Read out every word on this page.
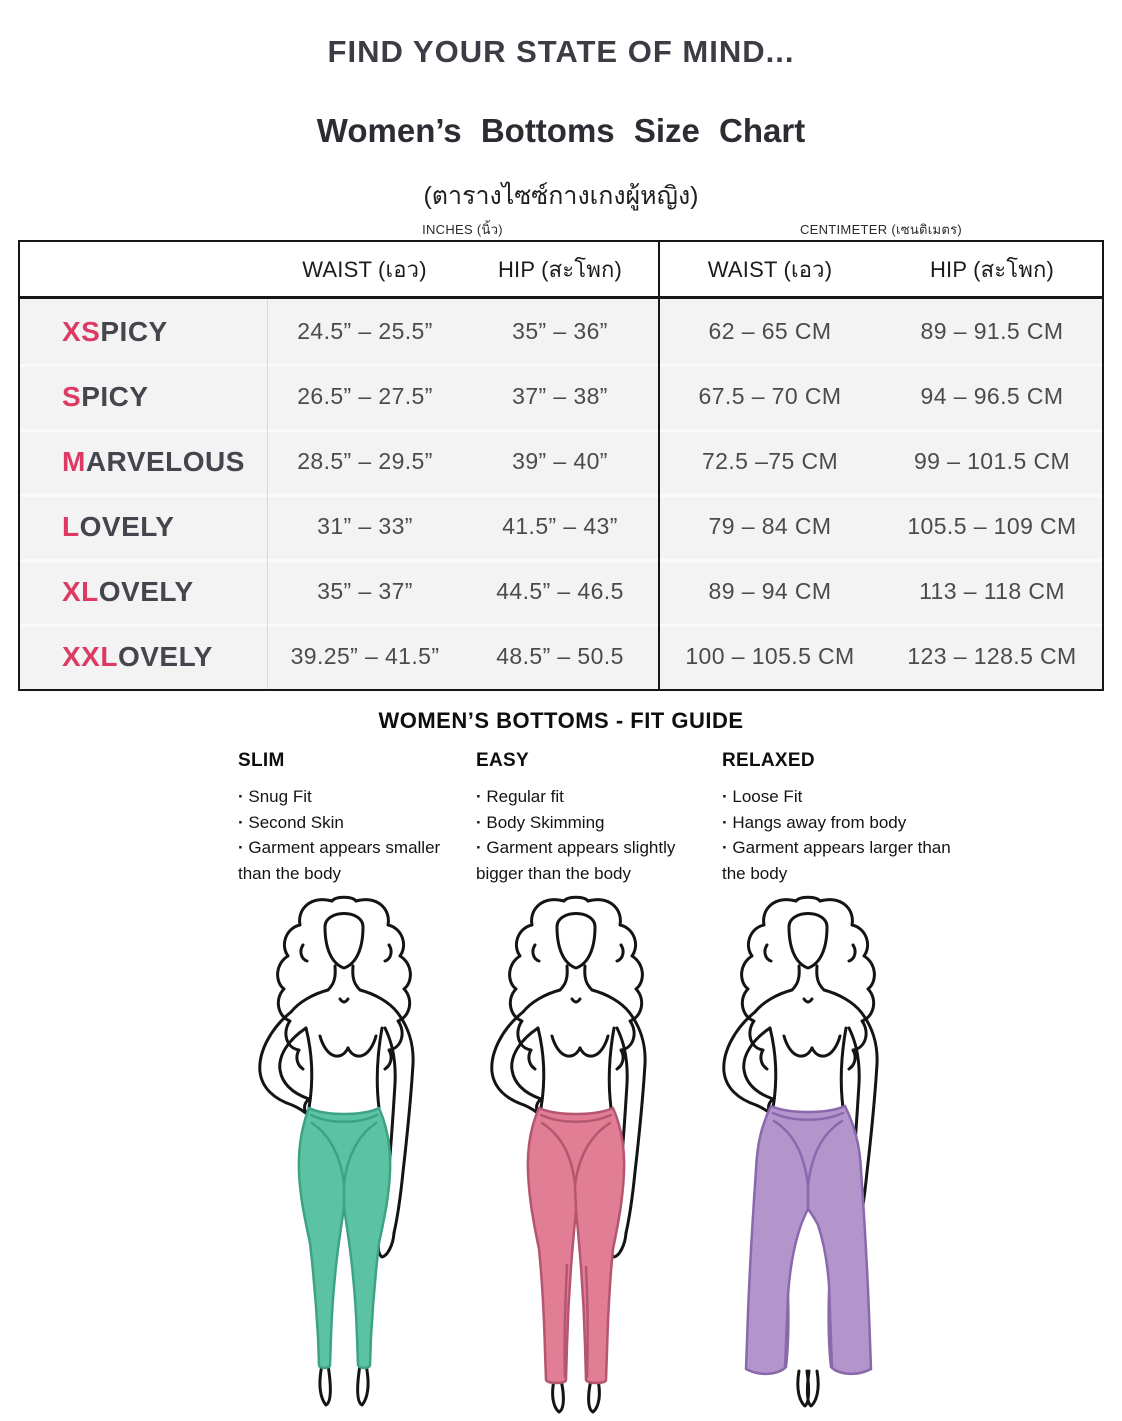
FIND YOUR STATE OF MIND...
Women’s Bottoms Size Chart
(ตารางไซซ์กางเกงผู้หญิง)
INCHES (นิ้ว)	CENTIMETER (เซนติเมตร)
WAIST (เอว)	HIP (สะโพก)	WAIST (เอว)	HIP (สะโพก)
XS PICY	24.5” – 25.5”	35” – 36”	62 – 65 CM	89 – 91.5 CM
S PICY	26.5” – 27.5”	37” – 38”	67.5 – 70 CM	94 – 96.5 CM
M ARVELOUS	28.5” – 29.5”	39” – 40”	72.5 –75 CM	99 – 101.5 CM
L OVELY	31” – 33”	41.5” – 43”	79 – 84 CM	105.5 – 109 CM
XL OVELY	35” – 37”	44.5” – 46.5	89 – 94 CM	113 – 118 CM
XXL OVELY	39.25” – 41.5”	48.5” – 50.5	100 – 105.5 CM	123 – 128.5 CM
WOMEN’S BOTTOMS - FIT GUIDE
SLIM
· Snug Fit
· Second Skin
· Garment appears smaller than the body
EASY
· Regular fit
· Body Skimming
· Garment appears slightly bigger than the body
RELAXED
· Loose Fit
· Hangs away from body
· Garment appears larger than the body
